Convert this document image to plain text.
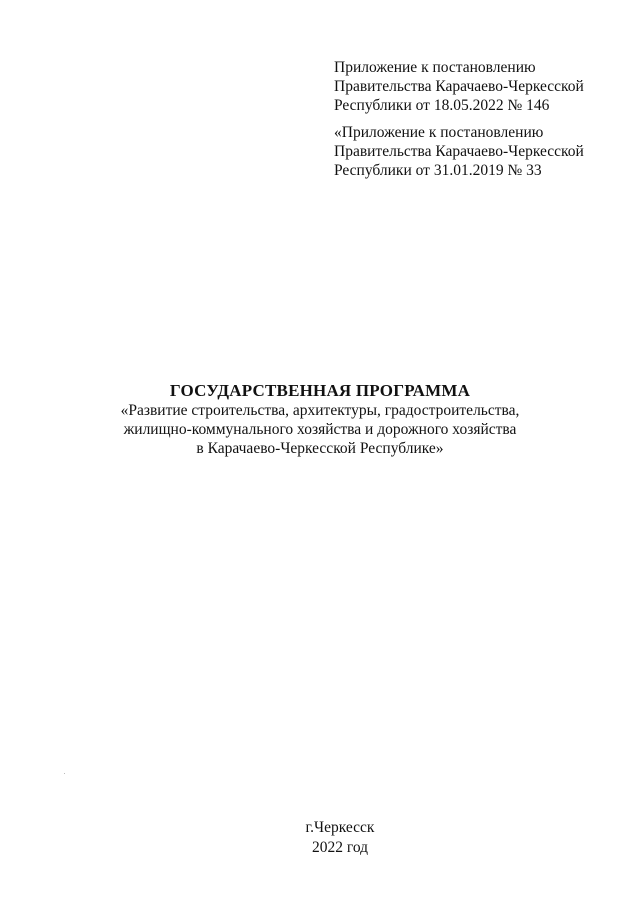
Приложение к постановлению
Правительства Карачаево-Черкесской
Республики от 18.05.2022 № 146
«Приложение к постановлению
Правительства Карачаево-Черкесской
Республики от 31.01.2019 № 33
ГОСУДАРСТВЕННАЯ ПРОГРАММА
«Развитие строительства, архитектуры, градостроительства,
жилищно-коммунального хозяйства и дорожного хозяйства
в Карачаево-Черкесской Республике»
г.Черкесск
2022 год
